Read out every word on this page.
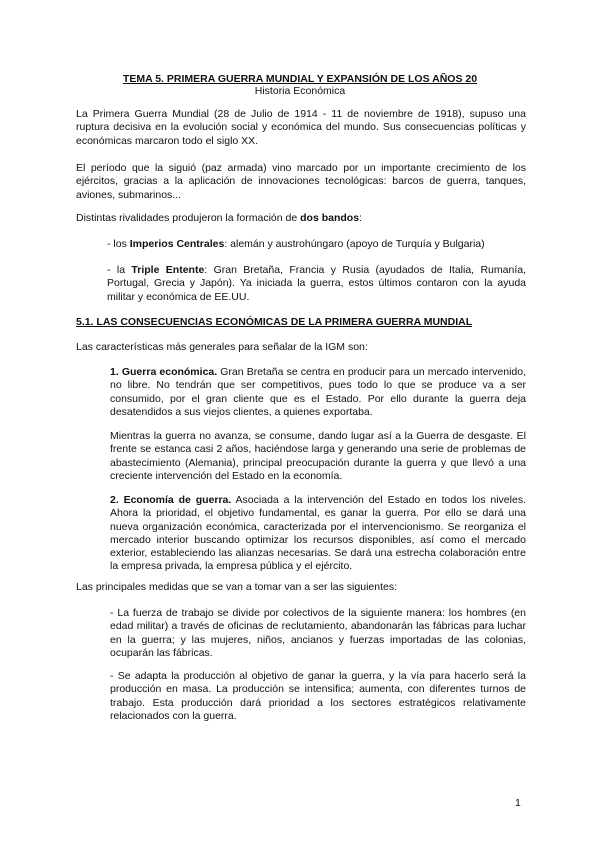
TEMA 5. PRIMERA GUERRA MUNDIAL Y EXPANSIÓN DE LOS AÑOS 20
Historia Económica

La Primera Guerra Mundial (28 de Julio de 1914 - 11 de noviembre de 1918), supuso una ruptura decisiva en la evolución social y económica del mundo. Sus consecuencias políticas y económicas marcaron todo el siglo XX.

El período que la siguió (paz armada) vino marcado por un importante crecimiento de los ejércitos, gracias a la aplicación de innovaciones tecnológicas: barcos de guerra, tanques, aviones, submarinos...

Distintas rivalidades produjeron la formación de dos bandos:

- los Imperios Centrales: alemán y austrohúngaro (apoyo de Turquía y Bulgaria)

- la Triple Entente: Gran Bretaña, Francia y Rusia (ayudados de Italia, Rumanía, Portugal, Grecia y Japón). Ya iniciada la guerra, estos últimos contaron con la ayuda militar y económica de EE.UU.

5.1. LAS CONSECUENCIAS ECONÓMICAS DE LA PRIMERA GUERRA MUNDIAL

Las características más generales para señalar de la IGM son:

1. Guerra económica. Gran Bretaña se centra en producir para un mercado intervenido, no libre. No tendrán que ser competitivos, pues todo lo que se produce va a ser consumido, por el gran cliente que es el Estado. Por ello durante la guerra deja desatendidos a sus viejos clientes, a quienes exportaba.

Mientras la guerra no avanza, se consume, dando lugar así a la Guerra de desgaste. El frente se estanca casi 2 años, haciéndose larga y generando una serie de problemas de abastecimiento (Alemania), principal preocupación durante la guerra y que llevó a una creciente intervención del Estado en la economía.

2. Economía de guerra. Asociada a la intervención del Estado en todos los niveles. Ahora la prioridad, el objetivo fundamental, es ganar la guerra. Por ello se dará una nueva organización económica, caracterizada por el intervencionismo. Se reorganiza el mercado interior buscando optimizar los recursos disponibles, así como el mercado exterior, estableciendo las alianzas necesarias. Se dará una estrecha colaboración entre la empresa privada, la empresa pública y el ejército.

Las principales medidas que se van a tomar van a ser las siguientes:

- La fuerza de trabajo se divide por colectivos de la siguiente manera: los hombres (en edad militar) a través de oficinas de reclutamiento, abandonarán las fábricas para luchar en la guerra; y las mujeres, niños, ancianos y fuerzas importadas de las colonias, ocuparán las fábricas.

- Se adapta la producción al objetivo de ganar la guerra, y la vía para hacerlo será la producción en masa. La producción se intensifica; aumenta, con diferentes turnos de trabajo. Esta producción dará prioridad a los sectores estratégicos relativamente relacionados con la guerra.

1
